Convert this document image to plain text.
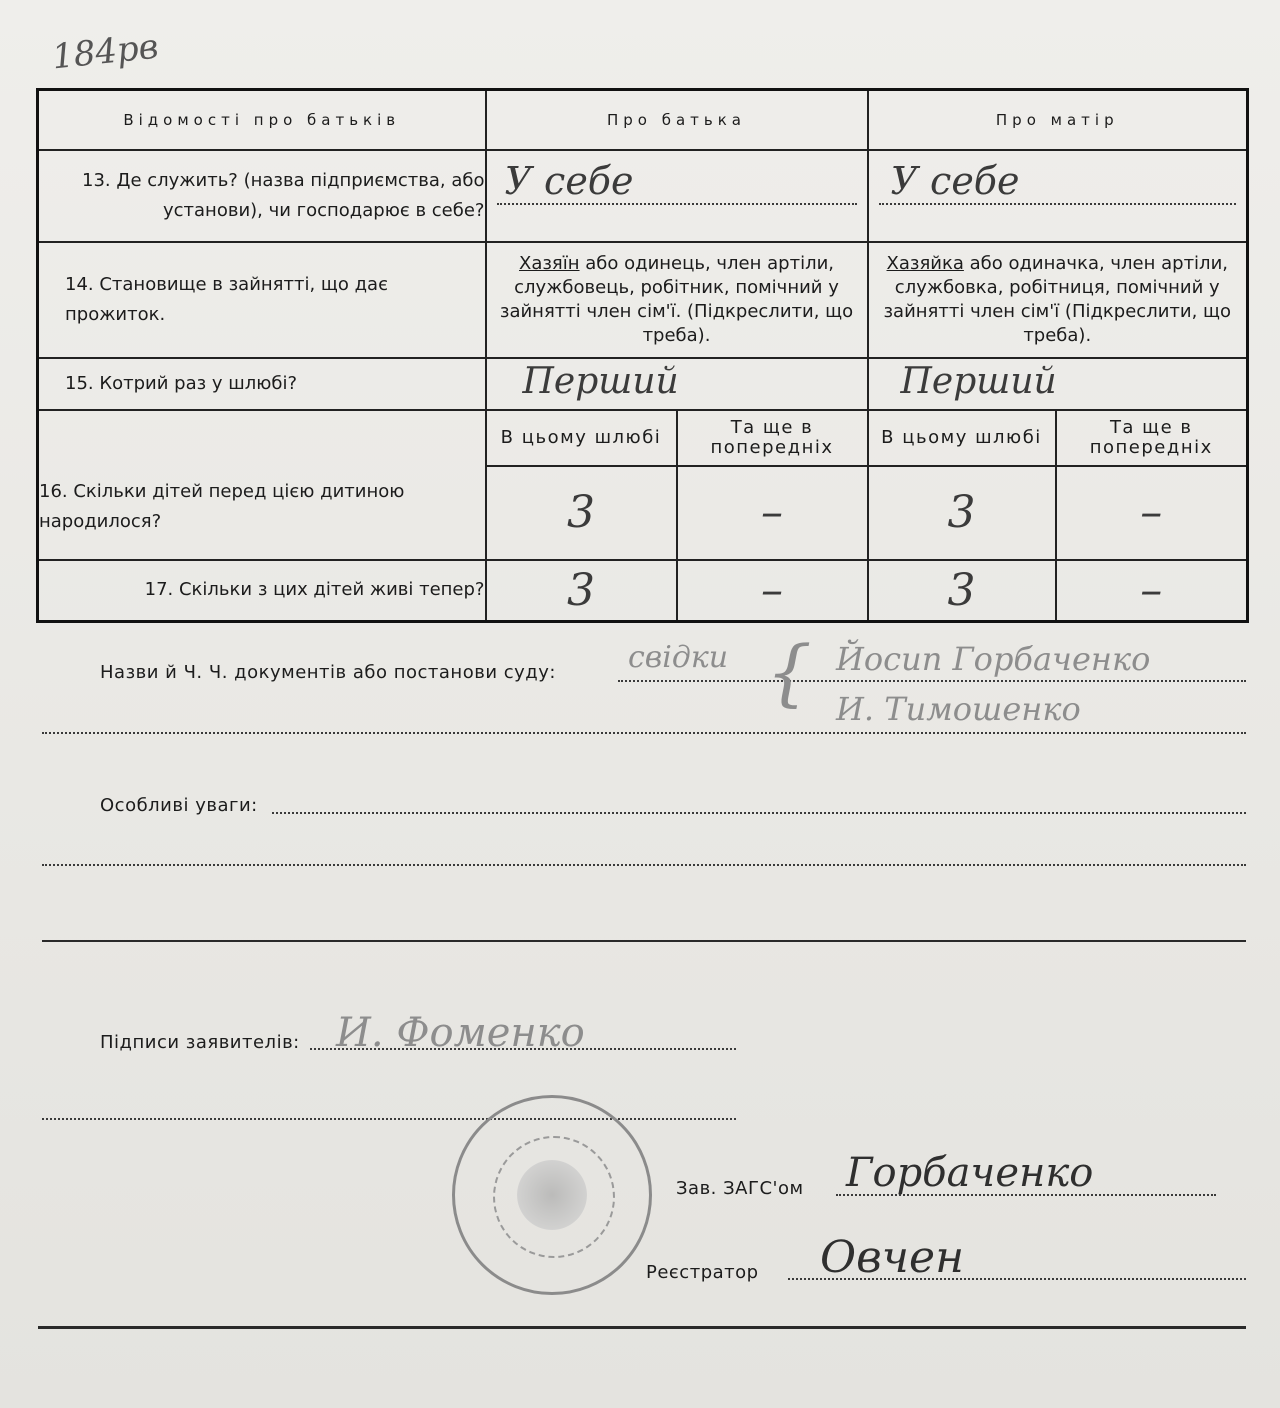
184рв
Відомості про батьків	Про батька		Про матір	
13. Де служить? (назва підприємства, або установи), чи господарює в себе?	У себе		У себе	

14. Становище в зайнятті, що дає прожиток.	Хазяїн або одинець, член артіли, службовець, робітник, помічний у зайнятті член сім'ї. (Підкреслити, що треба).		Хазяйка або одиначка, член артіли, службовка, робітниця, помічний у зайнятті член сім'ї (Підкреслити, що треба).	
15. Котрий раз у шлюбі?	Перший		Перший	

16. Скільки дітей перед цією дитиною народилося?	В цьому шлюбі	Та ще в попередніх	В цьому шлюбі	Та ще в попередніх
	3	–	3	–
17. Скільки з цих дітей живі тепер?	3	–	3	–
Назви й Ч. Ч. документів або постанови суду: свідки { Йосип Горбаченко
И. Тимошенко
Особливі уваги:
Підписи заявителів: И. Фоменко
Зав. ЗАГС'ом Горбаченко
Реєстратор Овчен
